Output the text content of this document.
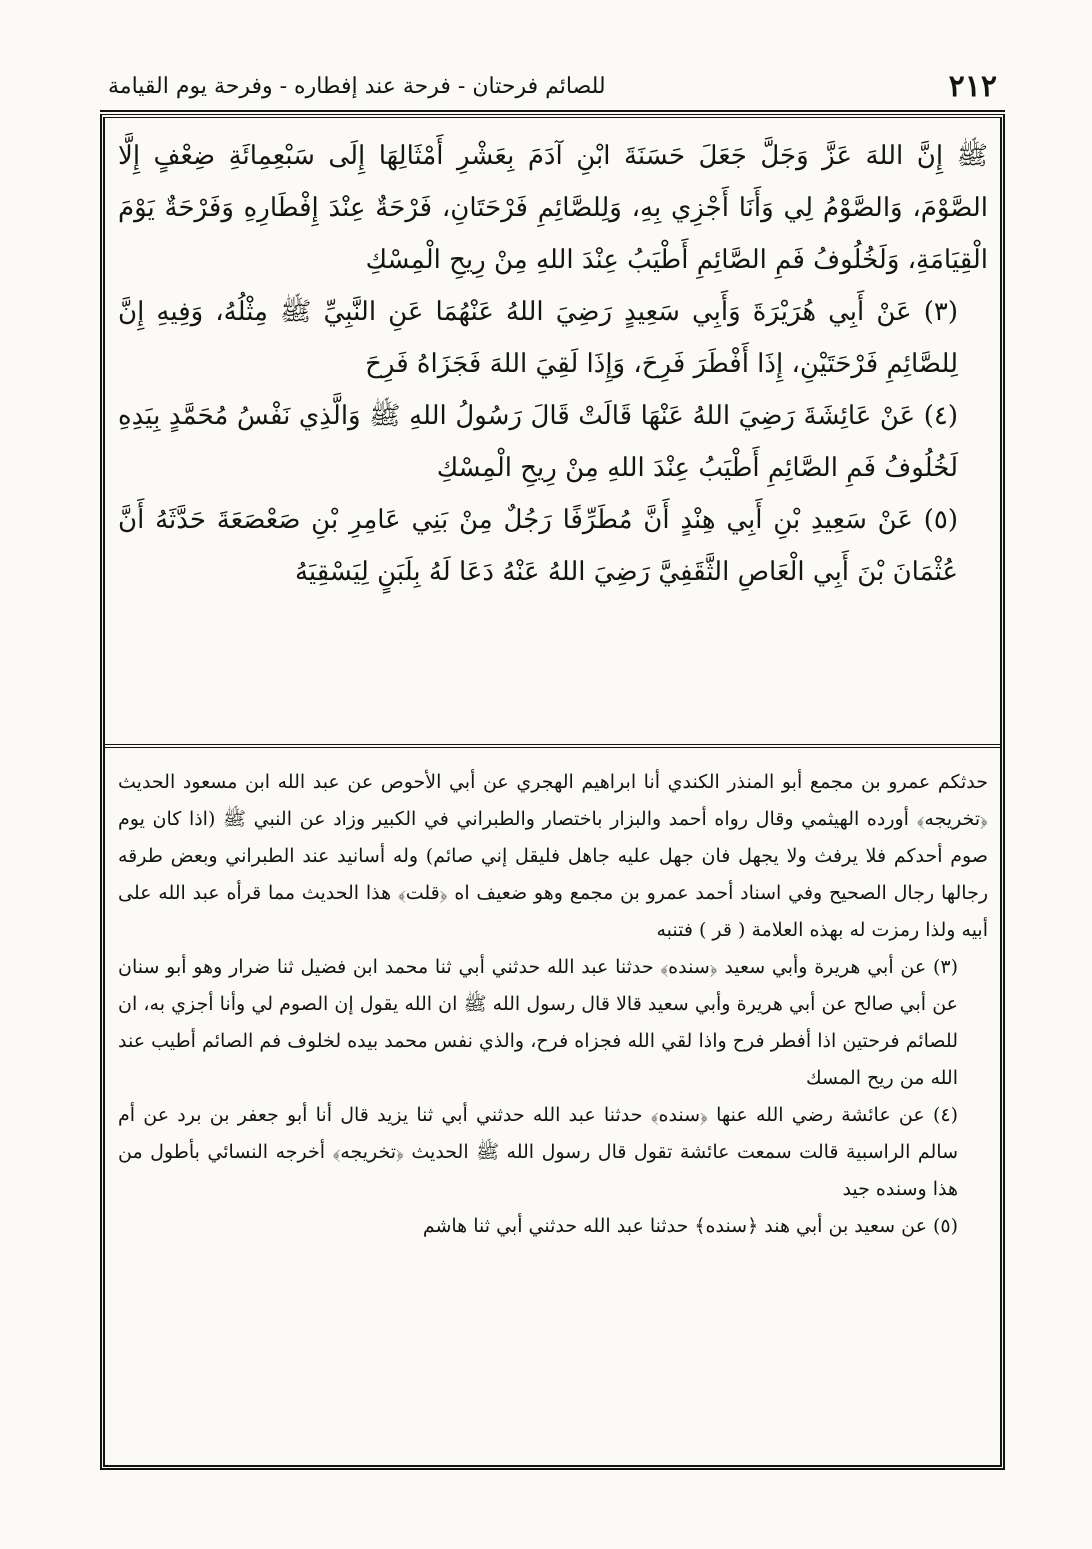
٢١٢
للصائم فرحتان - فرحة عند إفطاره - وفرحة يوم القيامة

ﷺ إِنَّ اللهَ عَزَّ وَجَلَّ جَعَلَ حَسَنَةَ ابْنِ آدَمَ بِعَشْرِ أَمْثَالِهَا إِلَى سَبْعِمِائَةِ ضِعْفٍ إِلَّا الصَّوْمَ، وَالصَّوْمُ لِي وَأَنَا أَجْزِي بِهِ، وَلِلصَّائِمِ فَرْحَتَانِ، فَرْحَةٌ عِنْدَ إِفْطَارِهِ وَفَرْحَةٌ يَوْمَ الْقِيَامَةِ، وَلَخُلُوفُ فَمِ الصَّائِمِ أَطْيَبُ عِنْدَ اللهِ مِنْ رِيحِ الْمِسْكِ

(٣) عَنْ أَبِي هُرَيْرَةَ وَأَبِي سَعِيدٍ رَضِيَ اللهُ عَنْهُمَا عَنِ النَّبِيِّ ﷺ مِثْلُهُ، وَفِيهِ إِنَّ لِلصَّائِمِ فَرْحَتَيْنِ، إِذَا أَفْطَرَ فَرِحَ، وَإِذَا لَقِيَ اللهَ فَجَزَاهُ فَرِحَ

(٤) عَنْ عَائِشَةَ رَضِيَ اللهُ عَنْهَا قَالَتْ قَالَ رَسُولُ اللهِ ﷺ وَالَّذِي نَفْسُ مُحَمَّدٍ بِيَدِهِ لَخُلُوفُ فَمِ الصَّائِمِ أَطْيَبُ عِنْدَ اللهِ مِنْ رِيحِ الْمِسْكِ

(٥) عَنْ سَعِيدِ بْنِ أَبِي هِنْدٍ أَنَّ مُطَرِّفًا رَجُلٌ مِنْ بَنِي عَامِرِ بْنِ صَعْصَعَةَ حَدَّثَهُ أَنَّ عُثْمَانَ بْنَ أَبِي الْعَاصِ الثَّقَفِيَّ رَضِيَ اللهُ عَنْهُ دَعَا لَهُ بِلَبَنٍ لِيَسْقِيَهُ

حدثكم عمرو بن مجمع أبو المنذر الكندي أنا ابراهيم الهجري عن أبي الأحوص عن عبد الله ابن مسعود الحديث ﴿تخريجه﴾ أورده الهيثمي وقال رواه أحمد والبزار باختصار والطبراني في الكبير وزاد عن النبي ﷺ (اذا كان يوم صوم أحدكم فلا يرفث ولا يجهل فان جهل عليه جاهل فليقل إني صائم) وله أسانيد عند الطبراني وبعض طرقه رجالها رجال الصحيح وفي اسناد أحمد عمرو بن مجمع وهو ضعيف اه ﴿قلت﴾ هذا الحديث مما قرأه عبد الله على أبيه ولذا رمزت له بهذه العلامة ( قر ) فتنبه

(٣) عن أبي هريرة وأبي سعيد ﴿سنده﴾ حدثنا عبد الله حدثني أبي ثنا محمد ابن فضيل ثنا ضرار وهو أبو سنان عن أبي صالح عن أبي هريرة وأبي سعيد قالا قال رسول الله ﷺ ان الله يقول إن الصوم لي وأنا أجزي به، ان للصائم فرحتين اذا أفطر فرح واذا لقي الله فجزاه فرح، والذي نفس محمد بيده لخلوف فم الصائم أطيب عند الله من ريح المسك

(٤) عن عائشة رضي الله عنها ﴿سنده﴾ حدثنا عبد الله حدثني أبي ثنا يزيد قال أنا أبو جعفر بن برد عن أم سالم الراسبية قالت سمعت عائشة تقول قال رسول الله ﷺ الحديث ﴿تخريجه﴾ أخرجه النسائي بأطول من هذا وسنده جيد

(٥) عن سعيد بن أبي هند ﴿سنده﴾ حدثنا عبد الله حدثني أبي ثنا هاشم
